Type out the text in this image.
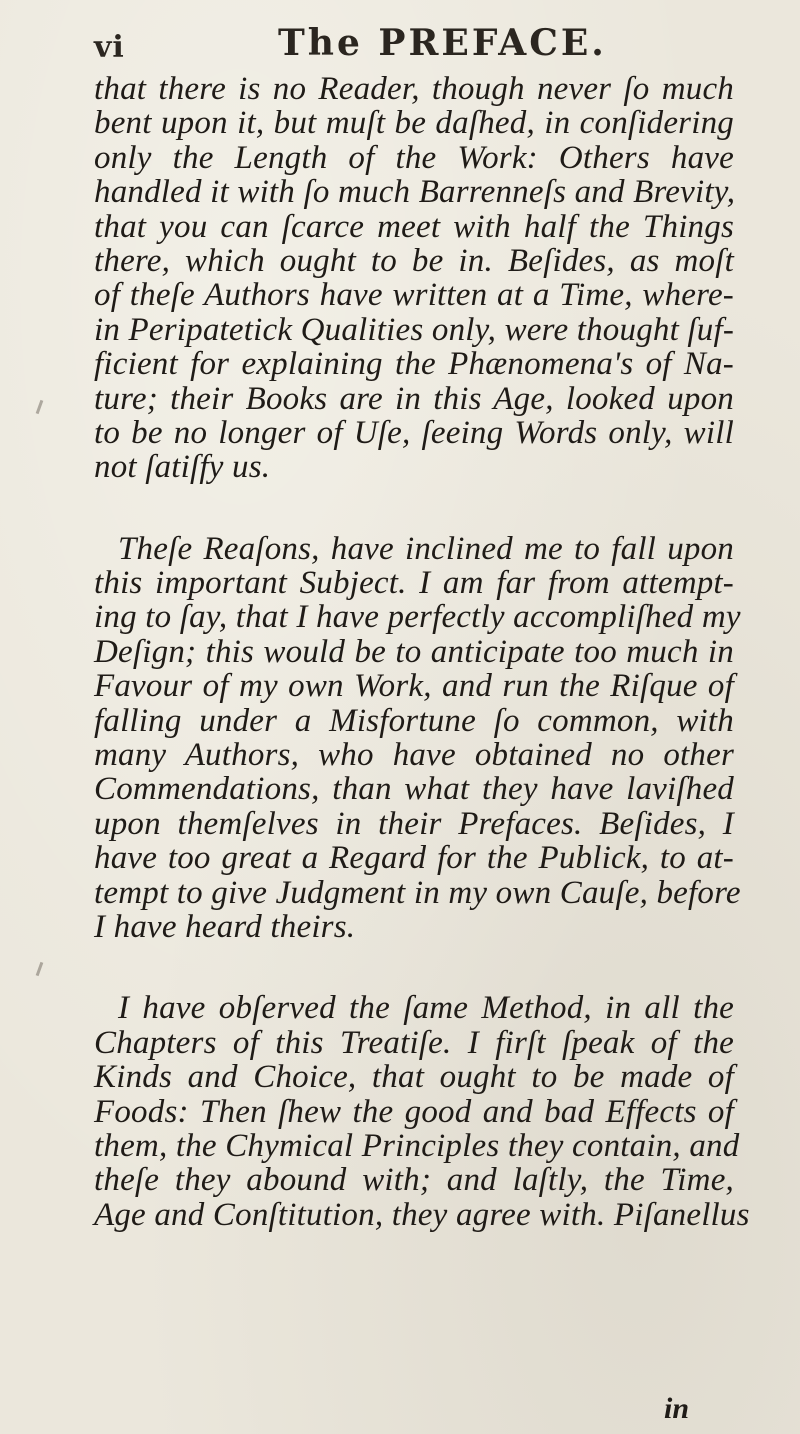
vi	The PREFACE.
that there is no Reader, though never ſo much
bent upon it, but muſt be daſhed, in conſidering
only the Length of the Work: Others have
handled it with ſo much Barrenneſs and Brevity,
that you can ſcarce meet with half the Things
there, which ought to be in. Beſides, as moſt
of theſe Authors have written at a Time, where-
in Peripatetick Qualities only, were thought ſuf-
ficient for explaining the Phænomena's of Na-
ture; their Books are in this Age, looked upon
to be no longer of Uſe, ſeeing Words only, will
not ſatiſfy us.
Theſe Reaſons, have inclined me to fall upon
this important Subject. I am far from attempt-
ing to ſay, that I have perfectly accompliſhed my
Deſign; this would be to anticipate too much in
Favour of my own Work, and run the Riſque of
falling under a Misfortune ſo common, with
many Authors, who have obtained no other
Commendations, than what they have laviſhed
upon themſelves in their Prefaces. Beſides, I
have too great a Regard for the Publick, to at-
tempt to give Judgment in my own Cauſe, before
I have heard theirs.
I have obſerved the ſame Method, in all the
Chapters of this Treatiſe. I firſt ſpeak of the
Kinds and Choice, that ought to be made of
Foods: Then ſhew the good and bad Effects of
them, the Chymical Principles they contain, and
theſe they abound with; and laſtly, the Time,
Age and Conſtitution, they agree with. Piſanellus
in
